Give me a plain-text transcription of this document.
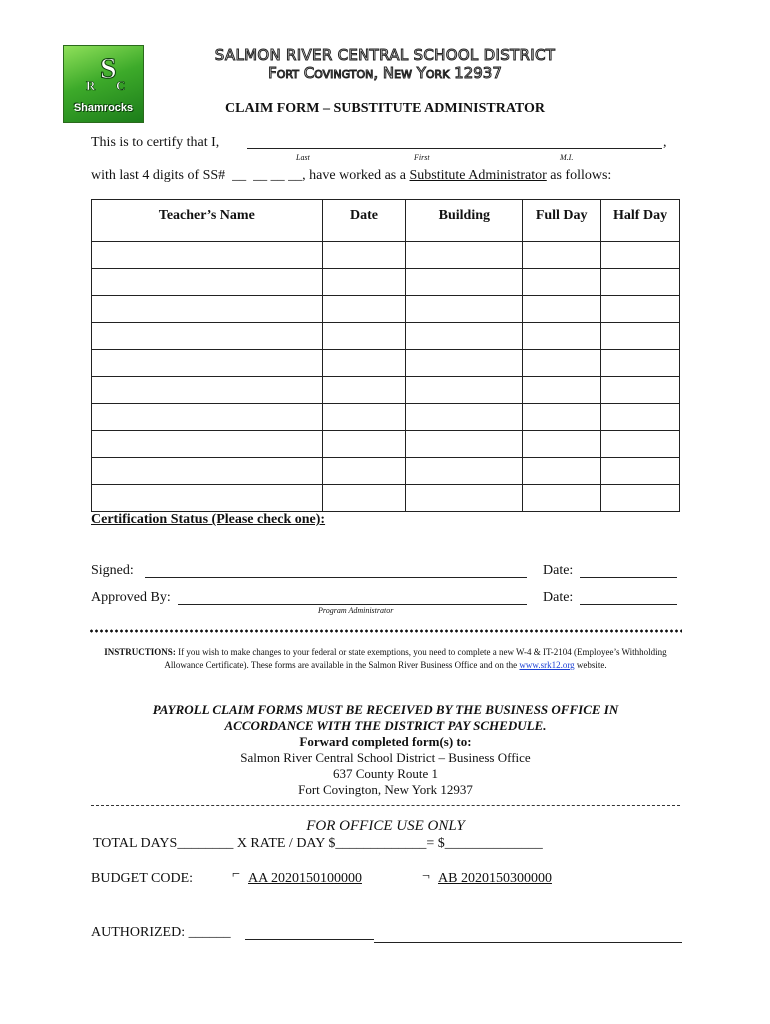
S
R C
Shamrocks
SALMON RIVER CENTRAL SCHOOL DISTRICT
Fort Covington, New York 12937
CLAIM FORM – SUBSTITUTE ADMINISTRATOR
This is to certify that I,	,
Last	First	M.I.
with last 4 digits of SS#  __  __ __ __, have worked as a Substitute Administrator as follows:
Teacher’s Name	Date	Building	Full Day	Half Day

Certification Status (Please check one):
Signed:	Date:
Approved By:	Date:
Program Administrator
INSTRUCTIONS: If you wish to make changes to your federal or state exemptions, you need to complete a new W-4 & IT-2104 (Employee’s Withholding Allowance Certificate). These forms are available in the Salmon River Business Office and on the www.srk12.org website.
PAYROLL CLAIM FORMS MUST BE RECEIVED BY THE BUSINESS OFFICE IN
ACCORDANCE WITH THE DISTRICT PAY SCHEDULE.
Forward completed form(s) to:
Salmon River Central School District – Business Office
637 County Route 1
Fort Covington, New York 12937
FOR OFFICE USE ONLY
TOTAL DAYS________ X RATE / DAY $_____________= $______________
BUDGET CODE:	⌐ AA 2020150100000	¬ AB 2020150300000
AUTHORIZED: ______
